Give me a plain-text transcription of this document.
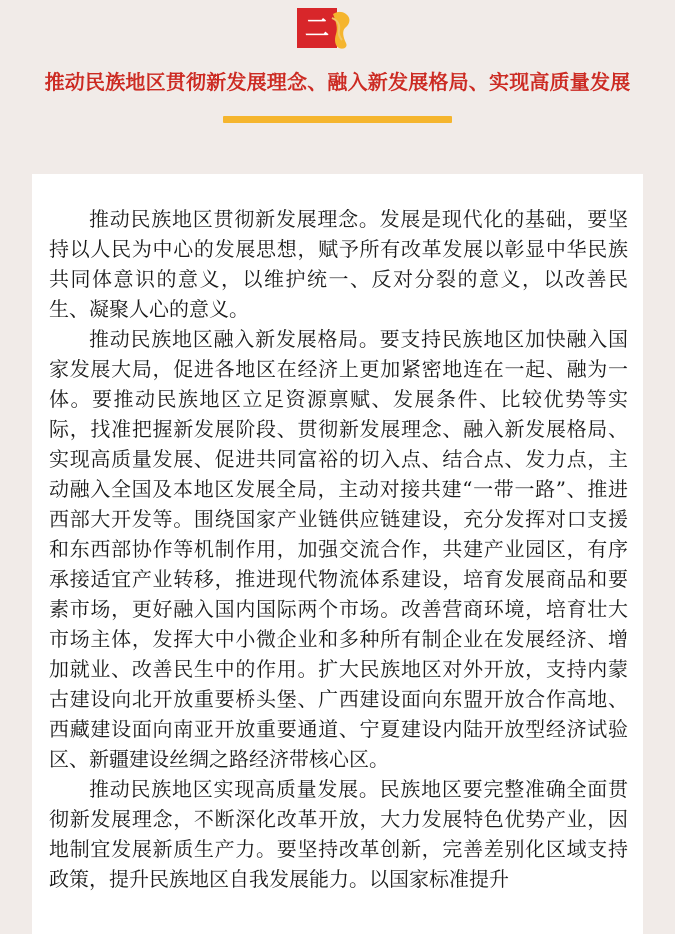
二
推动民族地区贯彻新发展理念、融入新发展格局、实现高质量发展

推动民族地区贯彻新发展理念。发展是现代化的基础，要坚持以人民为中心的发展思想，赋予所有改革发展以彰显中华民族共同体意识的意义，以维护统一、反对分裂的意义，以改善民生、凝聚人心的意义。

推动民族地区融入新发展格局。要支持民族地区加快融入国家发展大局，促进各地区在经济上更加紧密地连在一起、融为一体。要推动民族地区立足资源禀赋、发展条件、比较优势等实际，找准把握新发展阶段、贯彻新发展理念、融入新发展格局、实现高质量发展、促进共同富裕的切入点、结合点、发力点，主动融入全国及本地区发展全局，主动对接共建“一带一路”、推进西部大开发等。围绕国家产业链供应链建设，充分发挥对口支援和东西部协作等机制作用，加强交流合作，共建产业园区，有序承接适宜产业转移，推进现代物流体系建设，培育发展商品和要素市场，更好融入国内国际两个市场。改善营商环境，培育壮大市场主体，发挥大中小微企业和多种所有制企业在发展经济、增加就业、改善民生中的作用。扩大民族地区对外开放，支持内蒙古建设向北开放重要桥头堡、广西建设面向东盟开放合作高地、西藏建设面向南亚开放重要通道、宁夏建设内陆开放型经济试验区、新疆建设丝绸之路经济带核心区。

推动民族地区实现高质量发展。民族地区要完整准确全面贯彻新发展理念，不断深化改革开放，大力发展特色优势产业，因地制宜发展新质生产力。要坚持改革创新，完善差别化区域支持政策，提升民族地区自我发展能力。以国家标准提升
